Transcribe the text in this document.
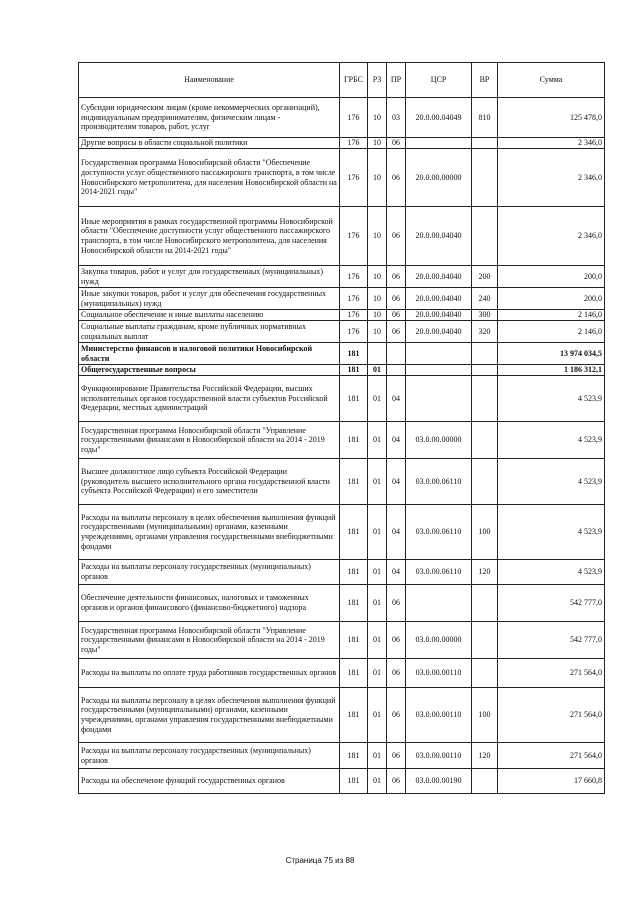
Наименование	ГРБС	РЗ	ПР	ЦСР	ВР	Сумма
Субсидии юридическим лицам (кроме некоммерческих организаций), индивидуальным предпринимателям, физическим лицам - производителям товаров, работ, услуг	176	10	03	20.0.00.04049	810	125 478,0
Другие вопросы в области социальной политики	176	10	06			2 346,0
Государственная программа Новосибирской области "Обеспечение доступности услуг общественного пассажирского транспорта, в том числе Новосибирского метрополитена, для населения Новосибирской области на 2014-2021 годы"	176	10	06	20.0.00.00000		2 346,0
Иные мероприятия в рамках государственной программы Новосибирской области "Обеспечение доступности услуг общественного пассажирского транспорта, в том числе Новосибирского метрополитена, для населения Новосибирской области на 2014-2021 годы"	176	10	06	20.0.00.04040		2 346,0
Закупка товаров, работ и услуг для государственных (муниципальных) нужд	176	10	06	20.0.00.04040	200	200,0
Иные закупки товаров, работ и услуг для обеспечения государственных (муниципальных) нужд	176	10	06	20.0.00.04040	240	200,0
Социальное обеспечение и иные выплаты населению	176	10	06	20.0.00.04040	300	2 146,0
Социальные выплаты гражданам, кроме публичных нормативных социальных выплат	176	10	06	20.0.00.04040	320	2 146,0
Министерство финансов и налоговой политики Новосибирской области	181					13 974 034,5
Общегосударственные вопросы	181	01				1 186 312,1
Функционирование Правительства Российской Федерации, высших исполнительных органов государственной власти субъектов Российской Федерации, местных администраций	181	01	04			4 523,9
Государственная программа Новосибирской области "Управление государственными финансами в Новосибирской области на 2014 - 2019 годы"	181	01	04	03.0.00.00000		4 523,9
Высшее должностное лицо субъекта Российской Федерации (руководитель высшего исполнительного органа государственной власти субъекта Российской Федерации) и его заместители	181	01	04	03.0.00.06110		4 523,9
Расходы на выплаты персоналу в целях обеспечения выполнения функций государственными (муниципальными) органами, казенными учреждениями, органами управления государственными внебюджетными фондами	181	01	04	03.0.00.06110	100	4 523,9
Расходы на выплаты персоналу государственных (муниципальных) органов	181	01	04	03.0.00.06110	120	4 523,9
Обеспечение деятельности финансовых, налоговых и таможенных органов и органов финансового (финансово-бюджетного) надзора	181	01	06			542 777,0
Государственная программа Новосибирской области "Управление государственными финансами в Новосибирской области на 2014 - 2019 годы"	181	01	06	03.0.00.00000		542 777,0
Расходы на выплаты по оплате труда работников государственных органов	181	01	06	03.0.00.00110		271 564,0
Расходы на выплаты персоналу в целях обеспечения выполнения функций государственными (муниципальными) органами, казенными учреждениями, органами управления государственными внебюджетными фондами	181	01	06	03.0.00.00110	100	271 564,0
Расходы на выплаты персоналу государственных (муниципальных) органов	181	01	06	03.0.00.00110	120	271 564,0
Расходы на обеспечение функций государственных органов	181	01	06	03.0.00.00190		17 660,8
Страница 75 из 88
